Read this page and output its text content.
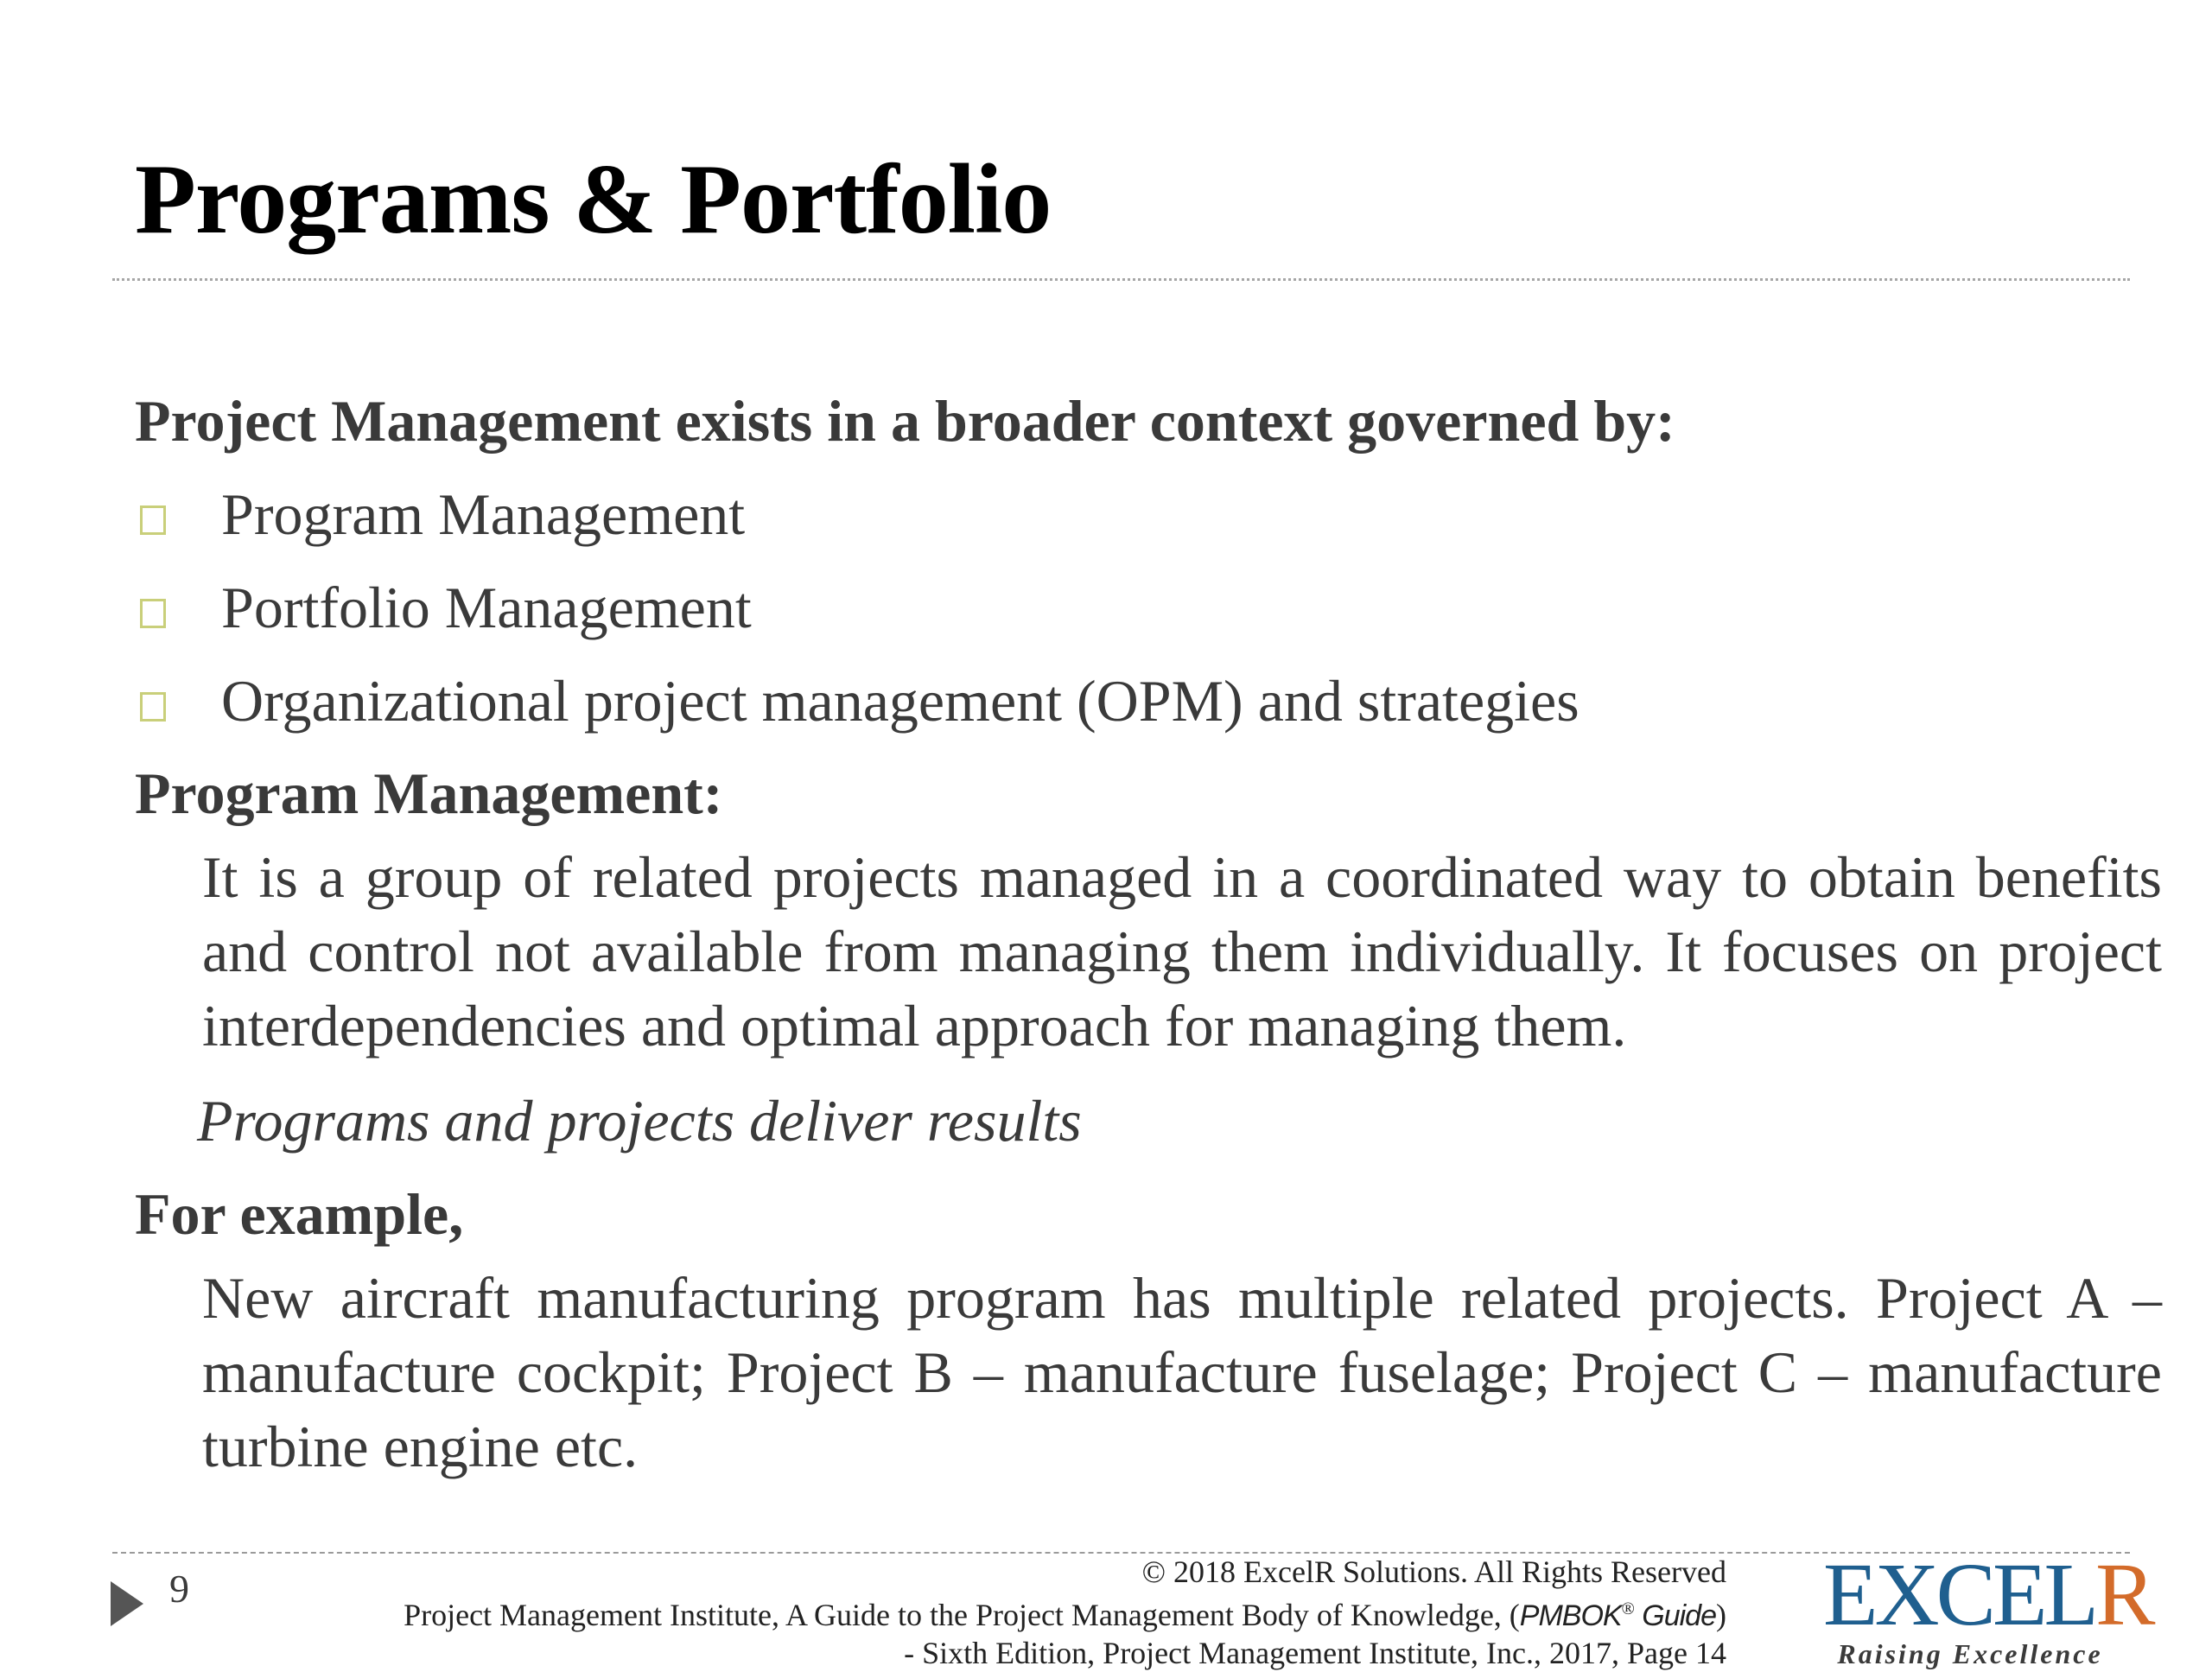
Programs & Portfolio

Project Management exists in a broader context governed by:

Program Management
Portfolio Management
Organizational project management (OPM) and strategies

Program Management:

It is a group of related projects managed in a coordinated way to obtain benefits and control not available from managing them individually. It focuses on project interdependencies and optimal approach for managing them.

Programs and projects deliver results

For example,

New aircraft manufacturing program has multiple related projects. Project A – manufacture cockpit; Project B – manufacture fuselage; Project C – manufacture turbine engine etc.

9	© 2018 ExcelR Solutions. All Rights Reserved
Project Management Institute, A Guide to the Project Management Body of Knowledge, (PMBOK® Guide)
- Sixth Edition, Project Management Institute, Inc., 2017, Page 14
EXCELR
Raising Excellence
